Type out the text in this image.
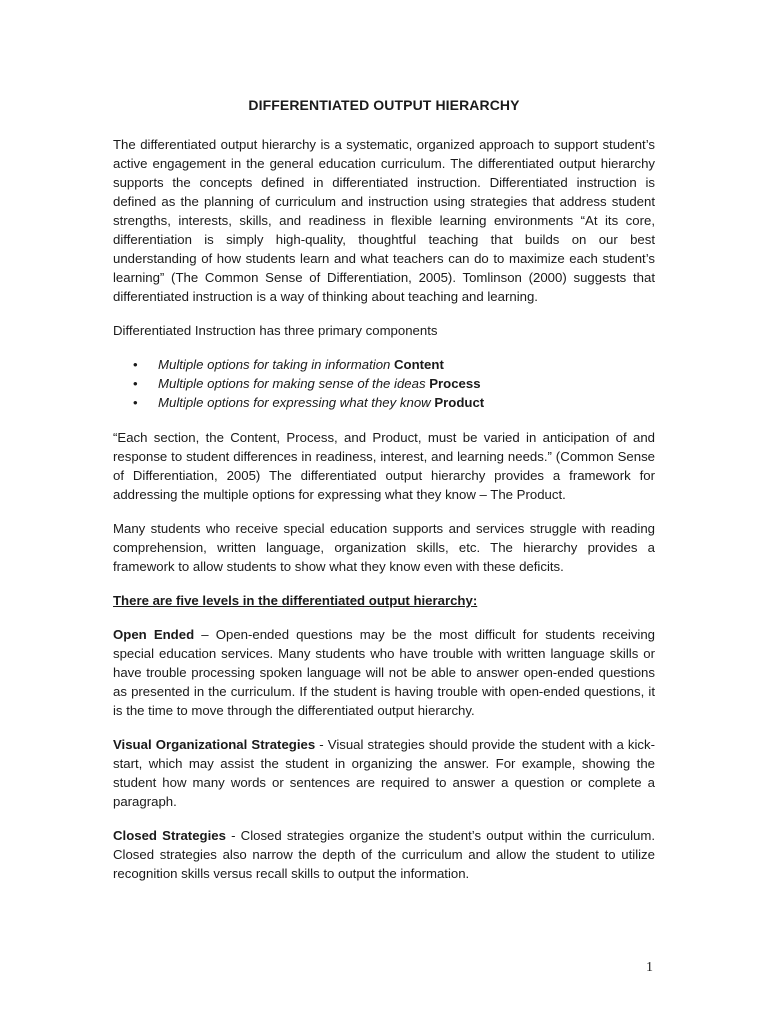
DIFFERENTIATED OUTPUT HIERARCHY

The differentiated output hierarchy is a systematic, organized approach to support student’s active engagement in the general education curriculum. The differentiated output hierarchy supports the concepts defined in differentiated instruction. Differentiated instruction is defined as the planning of curriculum and instruction using strategies that address student strengths, interests, skills, and readiness in flexible learning environments “At its core, differentiation is simply high-quality, thoughtful teaching that builds on our best understanding of how students learn and what teachers can do to maximize each student’s learning” (The Common Sense of Differentiation, 2005). Tomlinson (2000) suggests that differentiated instruction is a way of thinking about teaching and learning.

Differentiated Instruction has three primary components

• Multiple options for taking in information Content
• Multiple options for making sense of the ideas Process
• Multiple options for expressing what they know Product

“Each section, the Content, Process, and Product, must be varied in anticipation of and response to student differences in readiness, interest, and learning needs.” (Common Sense of Differentiation, 2005) The differentiated output hierarchy provides a framework for addressing the multiple options for expressing what they know – The Product.

Many students who receive special education supports and services struggle with reading comprehension, written language, organization skills, etc. The hierarchy provides a framework to allow students to show what they know even with these deficits.

There are five levels in the differentiated output hierarchy:

Open Ended – Open-ended questions may be the most difficult for students receiving special education services. Many students who have trouble with written language skills or have trouble processing spoken language will not be able to answer open-ended questions as presented in the curriculum. If the student is having trouble with open-ended questions, it is the time to move through the differentiated output hierarchy.

Visual Organizational Strategies - Visual strategies should provide the student with a kick-start, which may assist the student in organizing the answer. For example, showing the student how many words or sentences are required to answer a question or complete a paragraph.

Closed Strategies - Closed strategies organize the student’s output within the curriculum. Closed strategies also narrow the depth of the curriculum and allow the student to utilize recognition skills versus recall skills to output the information.

1
